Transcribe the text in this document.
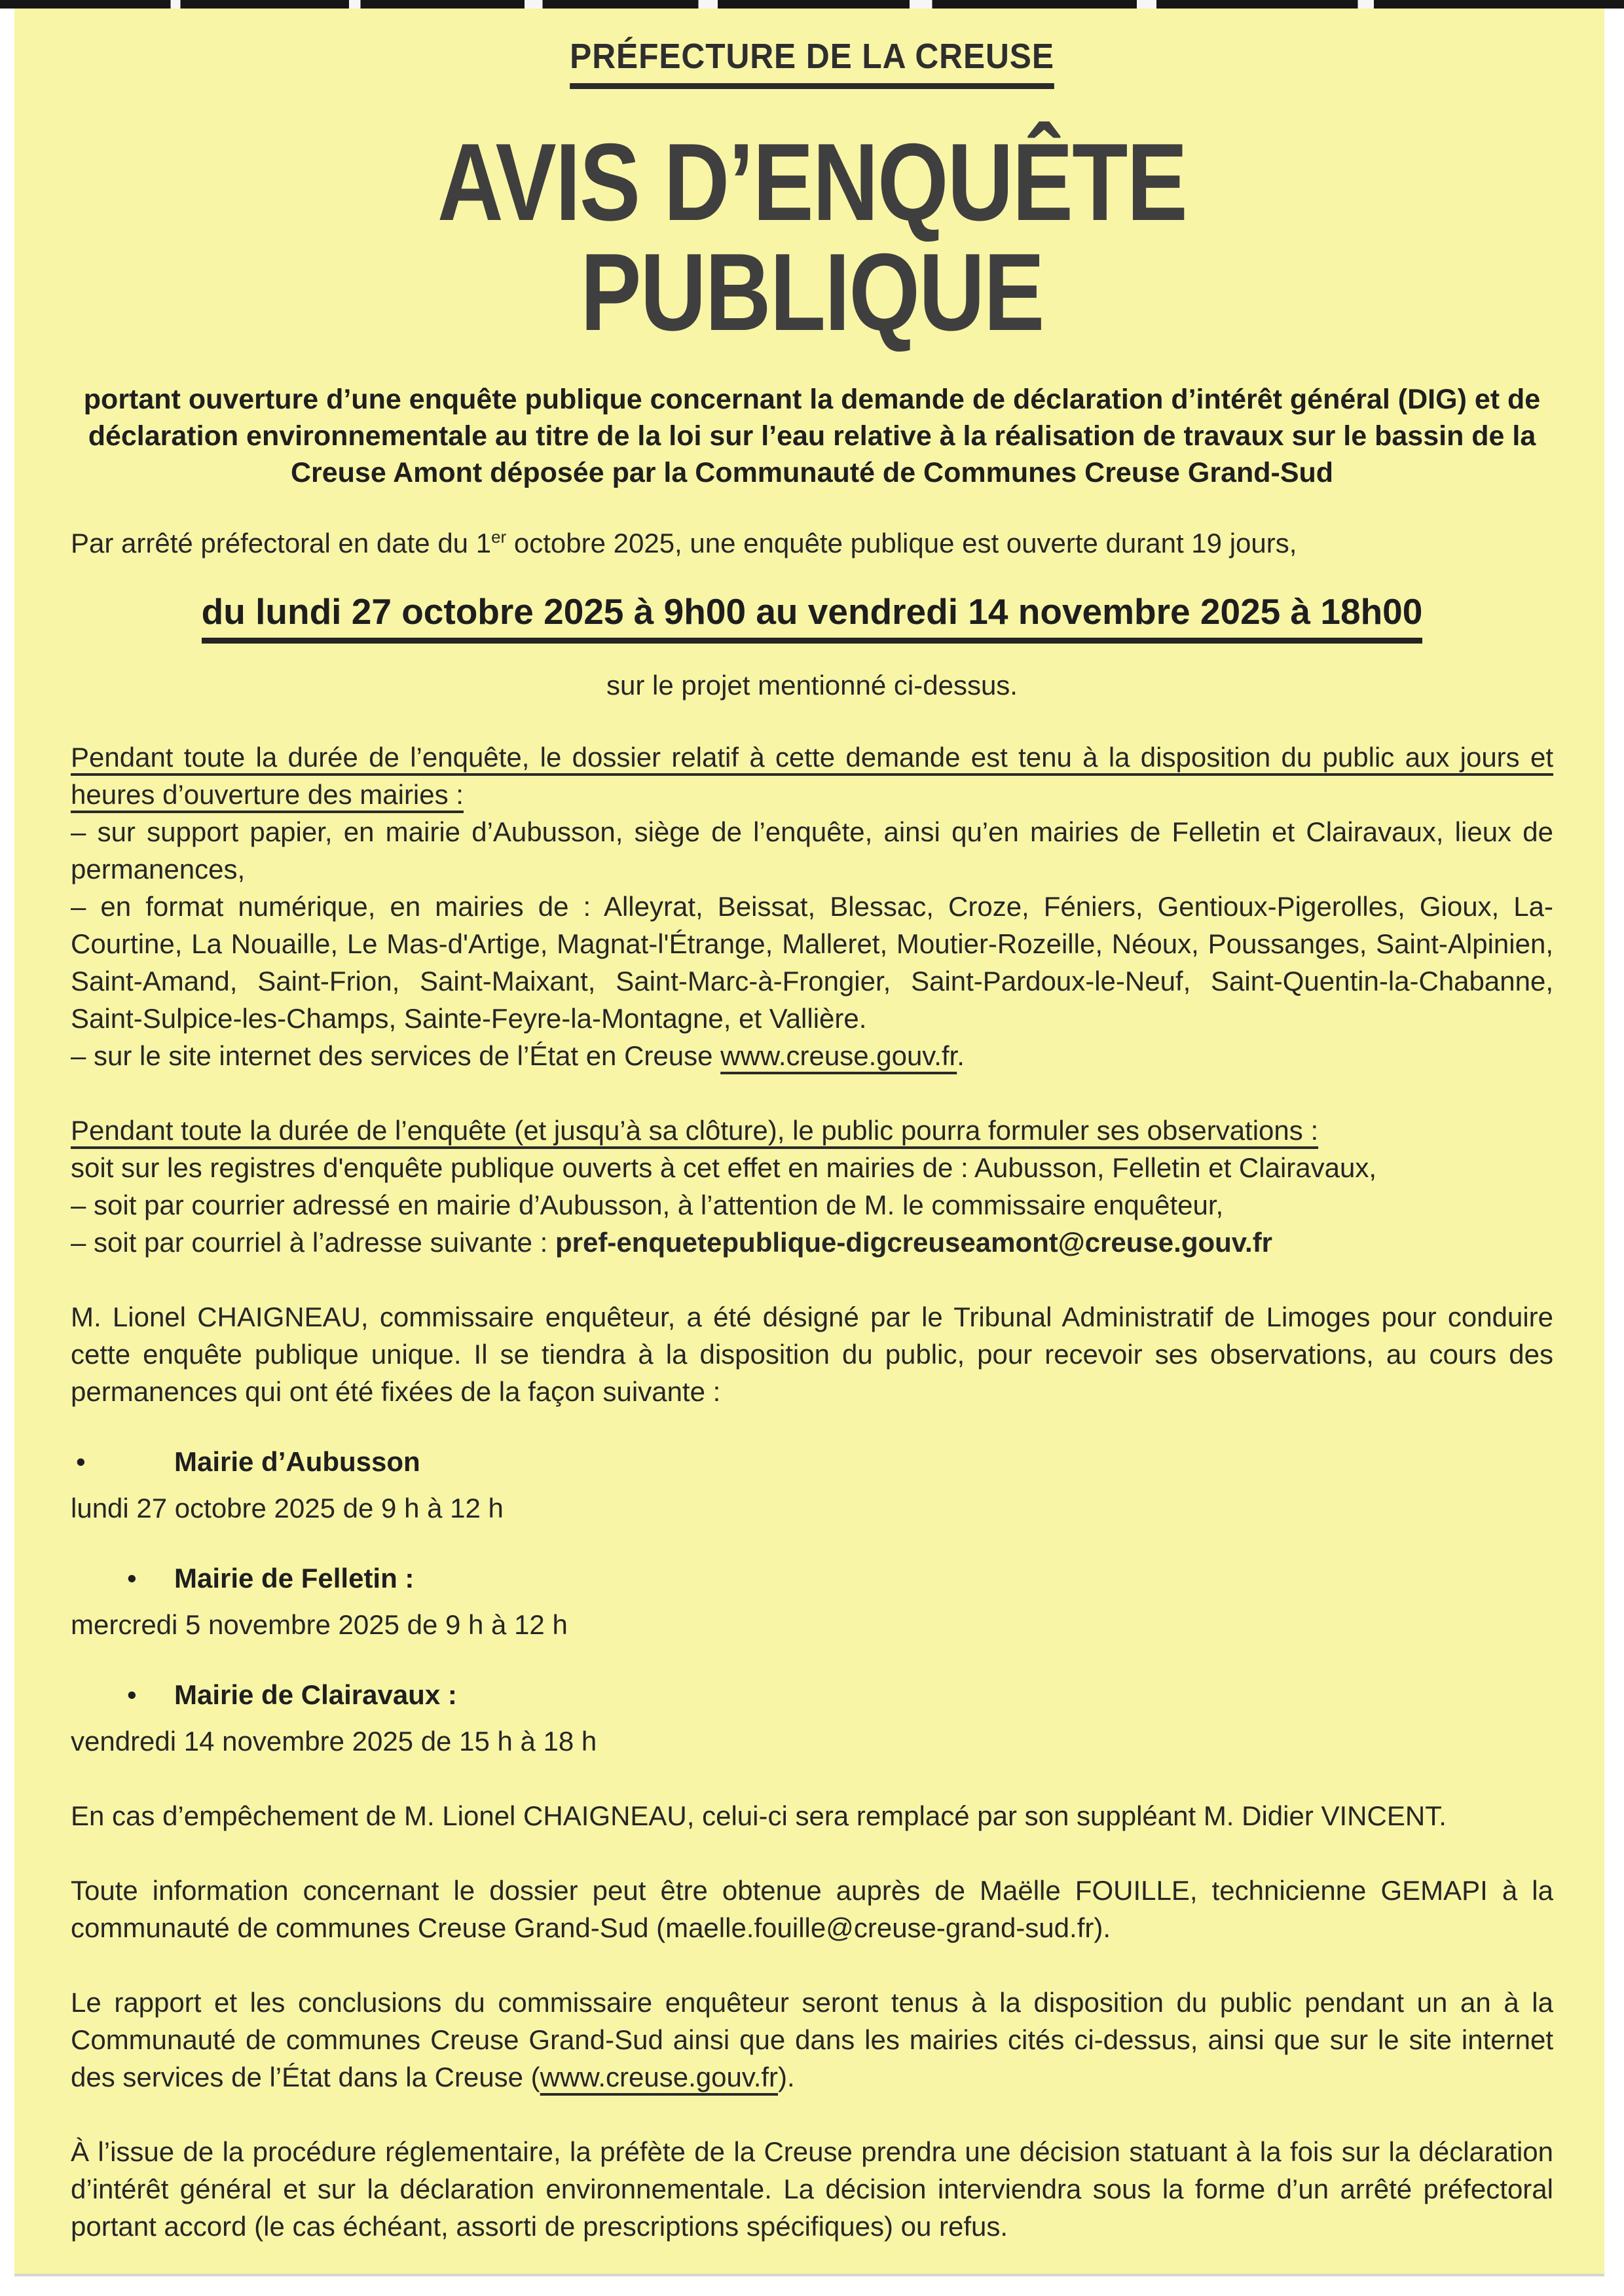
PRÉFECTURE DE LA CREUSE
AVIS D’ENQUÊTE PUBLIQUE

portant ouverture d’une enquête publique concernant la demande de déclaration d’intérêt général (DIG) et de déclaration environnementale au titre de la loi sur l’eau relative à la réalisation de travaux sur le bassin de la Creuse Amont déposée par la Communauté de Communes Creuse Grand-Sud

Par arrêté préfectoral en date du 1er octobre 2025, une enquête publique est ouverte durant 19 jours,

du lundi 27 octobre 2025 à 9h00 au vendredi 14 novembre 2025 à 18h00

sur le projet mentionné ci-dessus.

Pendant toute la durée de l’enquête, le dossier relatif à cette demande est tenu à la disposition du public aux jours et heures d’ouverture des mairies :

– sur support papier, en mairie d’Aubusson, siège de l’enquête, ainsi qu’en mairies de Felletin et Clairavaux, lieux de permanences,

– en format numérique, en mairies de : Alleyrat, Beissat, Blessac, Croze, Féniers, Gentioux-Pigerolles, Gioux, La-Courtine, La Nouaille, Le Mas-d'Artige, Magnat-l'Étrange, Malleret, Moutier-Rozeille, Néoux, Poussanges, Saint-Alpinien, Saint-Amand, Saint-Frion, Saint-Maixant, Saint-Marc-à-Frongier, Saint-Pardoux-le-Neuf, Saint-Quentin-la-Chabanne, Saint-Sulpice-les-Champs, Sainte-Feyre-la-Montagne, et Vallière.

– sur le site internet des services de l’État en Creuse www.creuse.gouv.fr.

Pendant toute la durée de l’enquête (et jusqu’à sa clôture), le public pourra formuler ses observations :

soit sur les registres d'enquête publique ouverts à cet effet en mairies de : Aubusson, Felletin et Clairavaux,

– soit par courrier adressé en mairie d’Aubusson, à l’attention de M. le commissaire enquêteur,

– soit par courriel à l’adresse suivante : pref-enquetepublique-digcreuseamont@creuse.gouv.fr

M. Lionel CHAIGNEAU, commissaire enquêteur, a été désigné par le Tribunal Administratif de Limoges pour conduire cette enquête publique unique. Il se tiendra à la disposition du public, pour recevoir ses observations, au cours des permanences qui ont été fixées de la façon suivante :

•	Mairie d’Aubusson
lundi 27 octobre 2025 de 9 h à 12 h
• Mairie de Felletin :
mercredi 5 novembre 2025 de 9 h à 12 h
• Mairie de Clairavaux :
vendredi 14 novembre 2025 de 15 h à 18 h

En cas d’empêchement de M. Lionel CHAIGNEAU, celui-ci sera remplacé par son suppléant M. Didier VINCENT.

Toute information concernant le dossier peut être obtenue auprès de Maëlle FOUILLE, technicienne GEMAPI à la communauté de communes Creuse Grand-Sud (maelle.fouille@creuse-grand-sud.fr).

Le rapport et les conclusions du commissaire enquêteur seront tenus à la disposition du public pendant un an à la Communauté de communes Creuse Grand-Sud ainsi que dans les mairies cités ci-dessus, ainsi que sur le site internet des services de l’État dans la Creuse (www.creuse.gouv.fr).

À l’issue de la procédure réglementaire, la préfète de la Creuse prendra une décision statuant à la fois sur la déclaration d’intérêt général et sur la déclaration environnementale. La décision interviendra sous la forme d’un arrêté préfectoral portant accord (le cas échéant, assorti de prescriptions spécifiques) ou refus.
